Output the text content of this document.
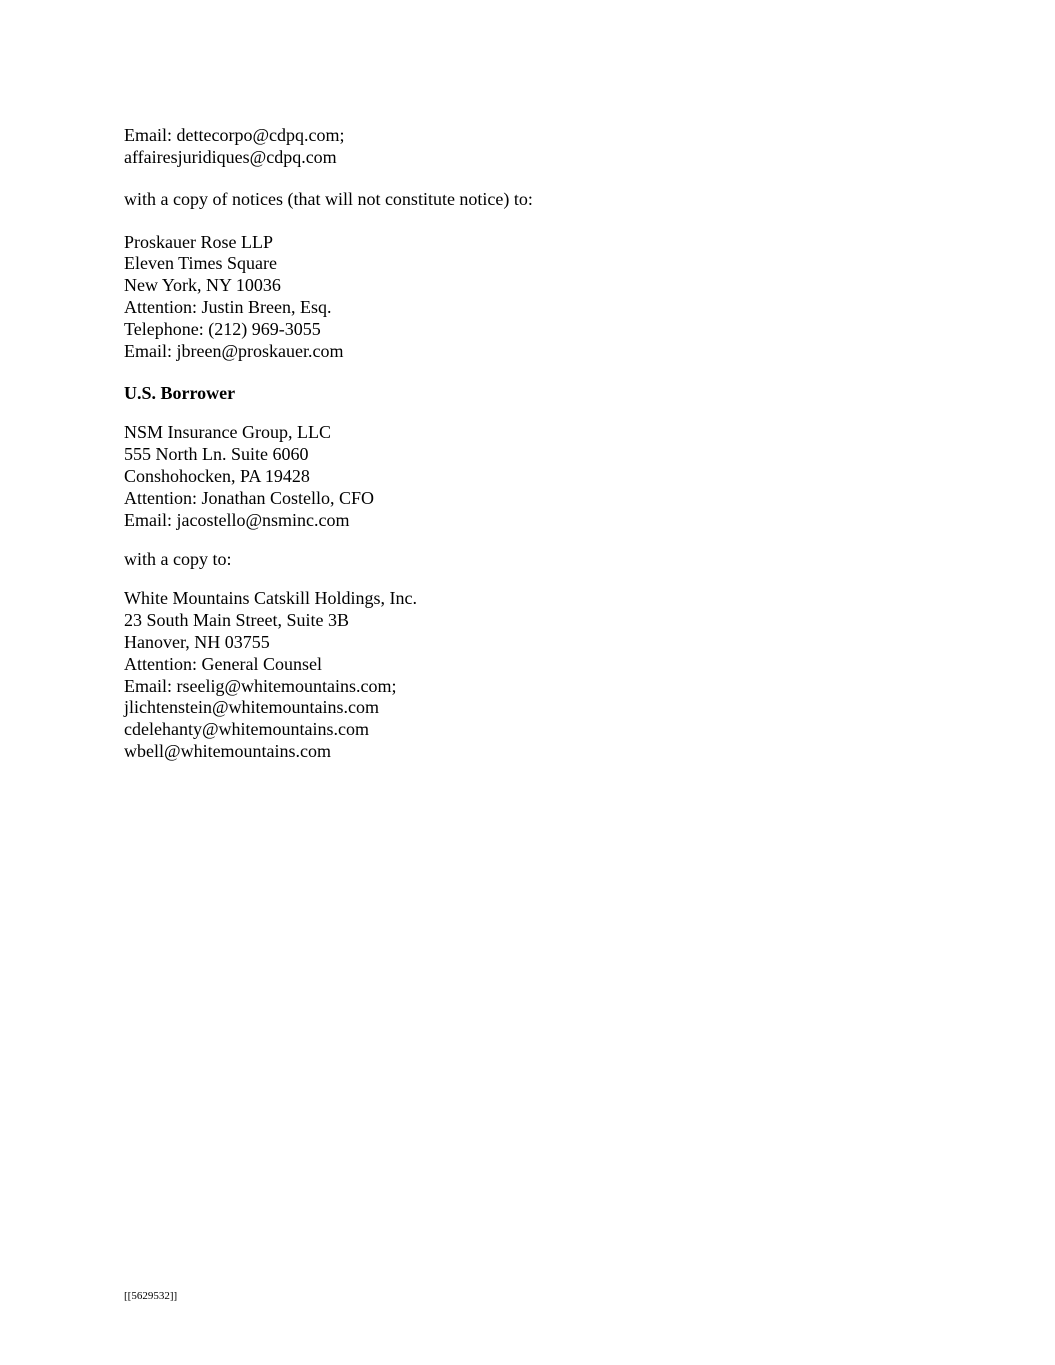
Email: dettecorpo@cdpq.com;
affairesjuridiques@cdpq.com
with a copy of notices (that will not constitute notice) to:
Proskauer Rose LLP
Eleven Times Square
New York, NY 10036
Attention: Justin Breen, Esq.
Telephone: (212) 969-3055
Email: jbreen@proskauer.com
U.S. Borrower
NSM Insurance Group, LLC
555 North Ln. Suite 6060
Conshohocken, PA 19428
Attention: Jonathan Costello, CFO
Email: jacostello@nsminc.com
with a copy to:
White Mountains Catskill Holdings, Inc.
23 South Main Street, Suite 3B
Hanover, NH 03755
Attention: General Counsel
Email: rseelig@whitemountains.com;
jlichtenstein@whitemountains.com
cdelehanty@whitemountains.com
wbell@whitemountains.com
[[5629532]]
